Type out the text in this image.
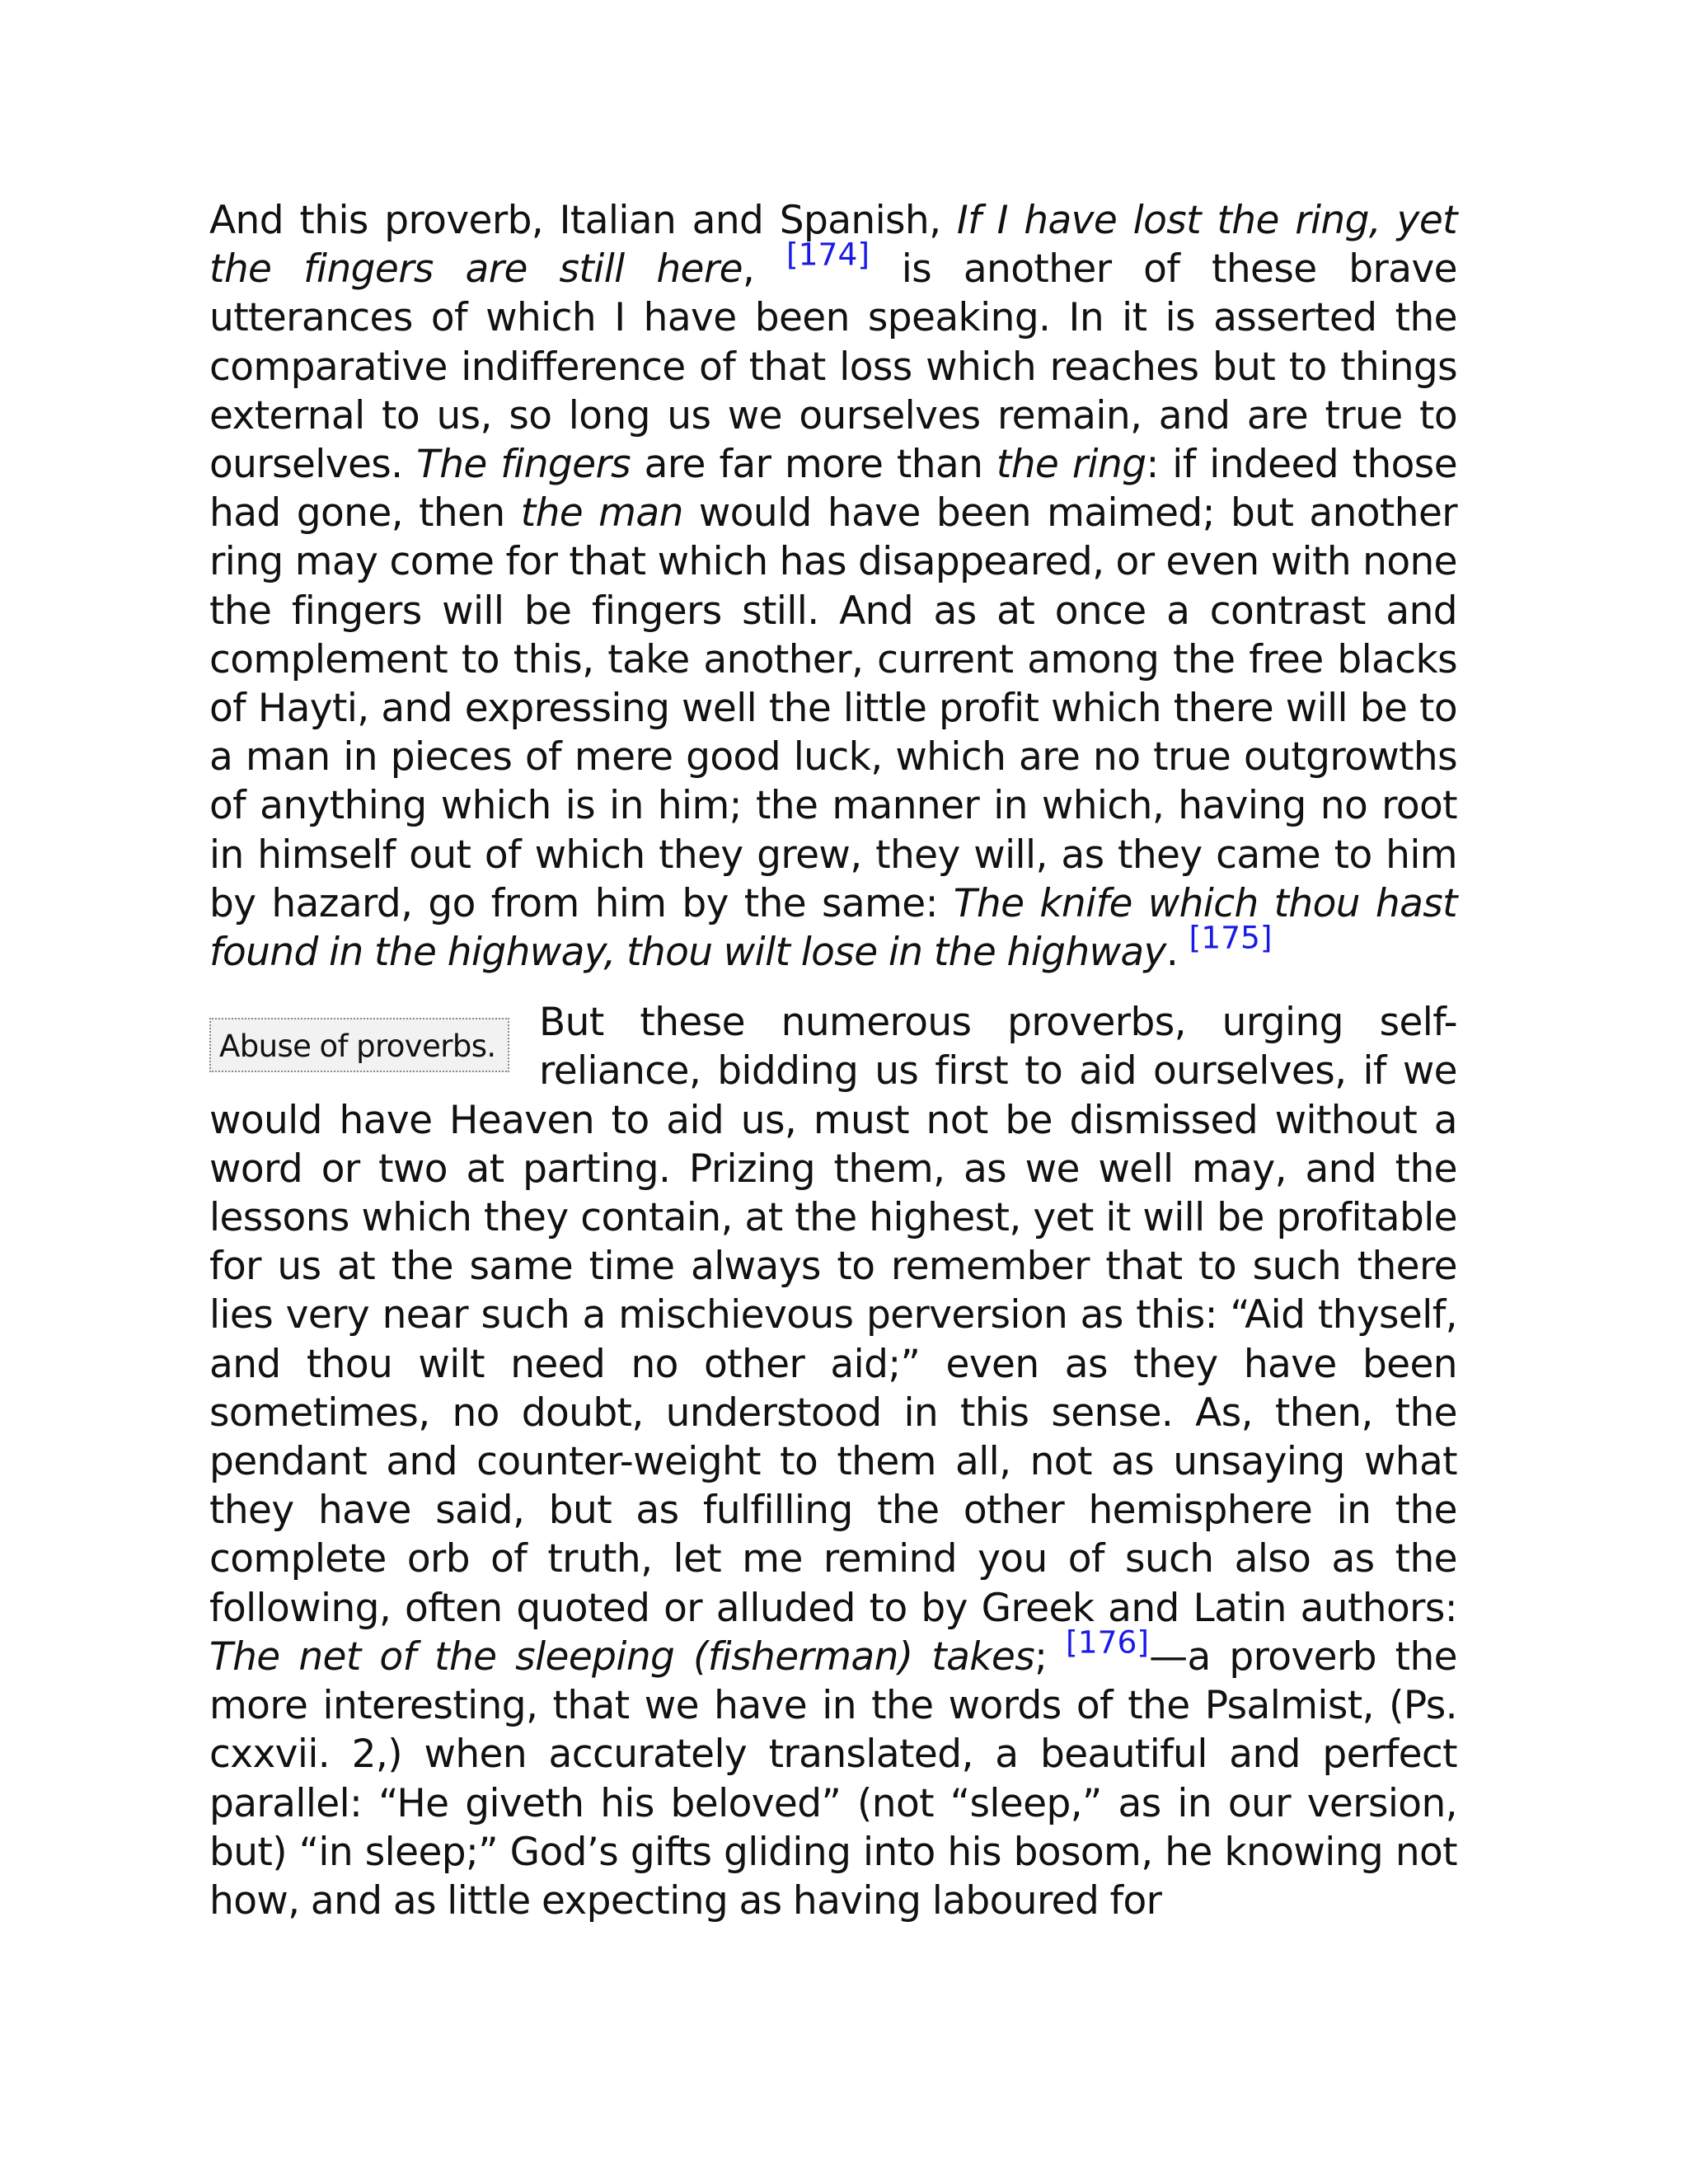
And this proverb, Italian and Spanish, If I have lost the ring, yet the fingers are still here, [174] is another of these brave utterances of which I have been speaking. In it is asserted the comparative indifference of that loss which reaches but to things external to us, so long us we ourselves remain, and are true to ourselves. The fingers are far more than the ring: if indeed those had gone, then the man would have been maimed; but another ring may come for that which has disappeared, or even with none the fingers will be fingers still. And as at once a contrast and complement to this, take another, current among the free blacks of Hayti, and expressing well the little profit which there will be to a man in pieces of mere good luck, which are no true outgrowths of anything which is in him; the manner in which, having no root in himself out of which they grew, they will, as they came to him by hazard, go from him by the same: The knife which thou hast found in the highway, thou wilt lose in the highway. [175]

Abuse of proverbs.
But these numerous proverbs, urging self-reliance, bidding us first to aid ourselves, if we would have Heaven to aid us, must not be dismissed without a word or two at parting. Prizing them, as we well may, and the lessons which they contain, at the highest, yet it will be profitable for us at the same time always to remember that to such there lies very near such a mischievous perversion as this: “Aid thyself, and thou wilt need no other aid;” even as they have been sometimes, no doubt, understood in this sense. As, then, the pendant and counter-weight to them all, not as unsaying what they have said, but as fulfilling the other hemisphere in the complete orb of truth, let me remind you of such also as the following, often quoted or alluded to by Greek and Latin authors: The net of the sleeping (fisherman) takes; [176]—a proverb the more interesting, that we have in the words of the Psalmist, (Ps. cxxvii. 2,) when accurately translated, a beautiful and perfect parallel: “He giveth his beloved” (not “sleep,” as in our version, but) “in sleep;” God’s gifts gliding into his bosom, he knowing not how, and as little expecting as having laboured for
